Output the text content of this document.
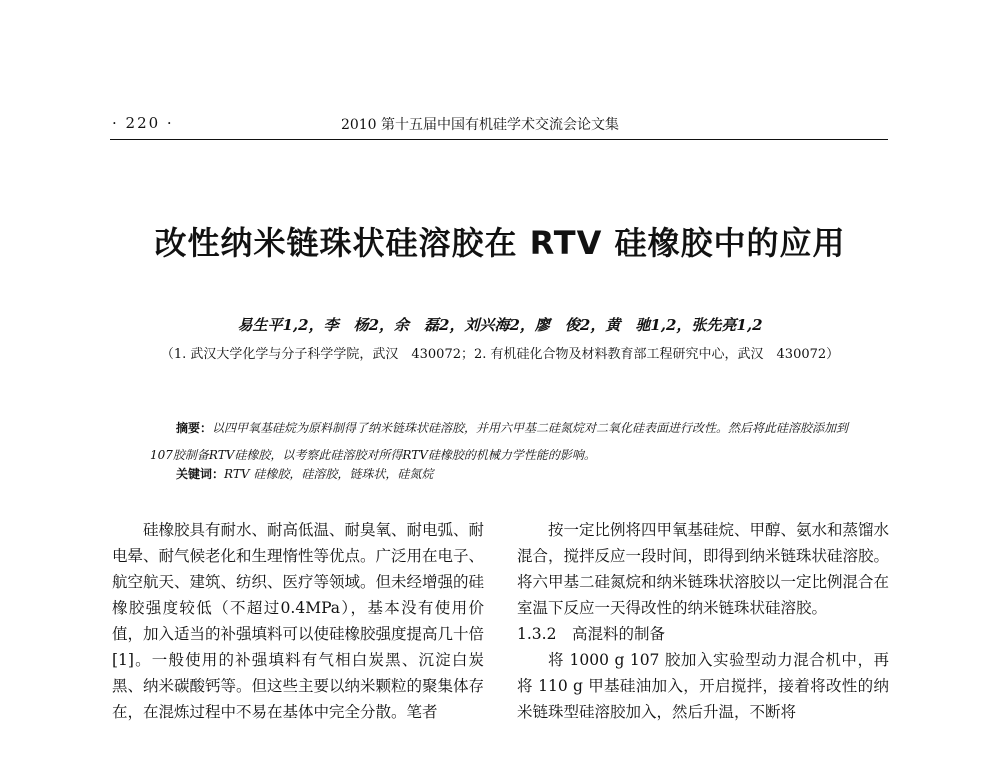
· 220 ·	2010 第十五届中国有机硅学术交流会论文集
改性纳米链珠状硅溶胶在 RTV 硅橡胶中的应用
易生平1,2，李　杨2，余　磊2，刘兴海2，廖　俊2，黄　驰1,2，张先亮1,2
（1. 武汉大学化学与分子科学学院，武汉　430072；2. 有机硅化合物及材料教育部工程研究中心，武汉　430072）
摘要：以四甲氧基硅烷为原料制得了纳米链珠状硅溶胶，并用六甲基二硅氮烷对二氧化硅表面进行改性。然后将此硅溶胶添加到107胶制备RTV硅橡胶，以考察此硅溶胶对所得RTV硅橡胶的机械力学性能的影响。
关键词：RTV 硅橡胶，硅溶胶，链珠状，硅氮烷

硅橡胶具有耐水、耐高低温、耐臭氧、耐电弧、耐电晕、耐气候老化和生理惰性等优点。广泛用在电子、航空航天、建筑、纺织、医疗等领域。但未经增强的硅橡胶强度较低（不超过0.4MPa），基本没有使用价值，加入适当的补强填料可以使硅橡胶强度提高几十倍[1]。一般使用的补强填料有气相白炭黑、沉淀白炭黑、纳米碳酸钙等。但这些主要以纳米颗粒的聚集体存在，在混炼过程中不易在基体中完全分散。笔者

按一定比例将四甲氧基硅烷、甲醇、氨水和蒸馏水混合，搅拌反应一段时间，即得到纳米链珠状硅溶胶。将六甲基二硅氮烷和纳米链珠状溶胶以一定比例混合在室温下反应一天得改性的纳米链珠状硅溶胶。

1.3.2　高混料的制备

将 1000 g 107 胶加入实验型动力混合机中，再将 110 g 甲基硅油加入，开启搅拌，接着将改性的纳米链珠型硅溶胶加入，然后升温，不断将
